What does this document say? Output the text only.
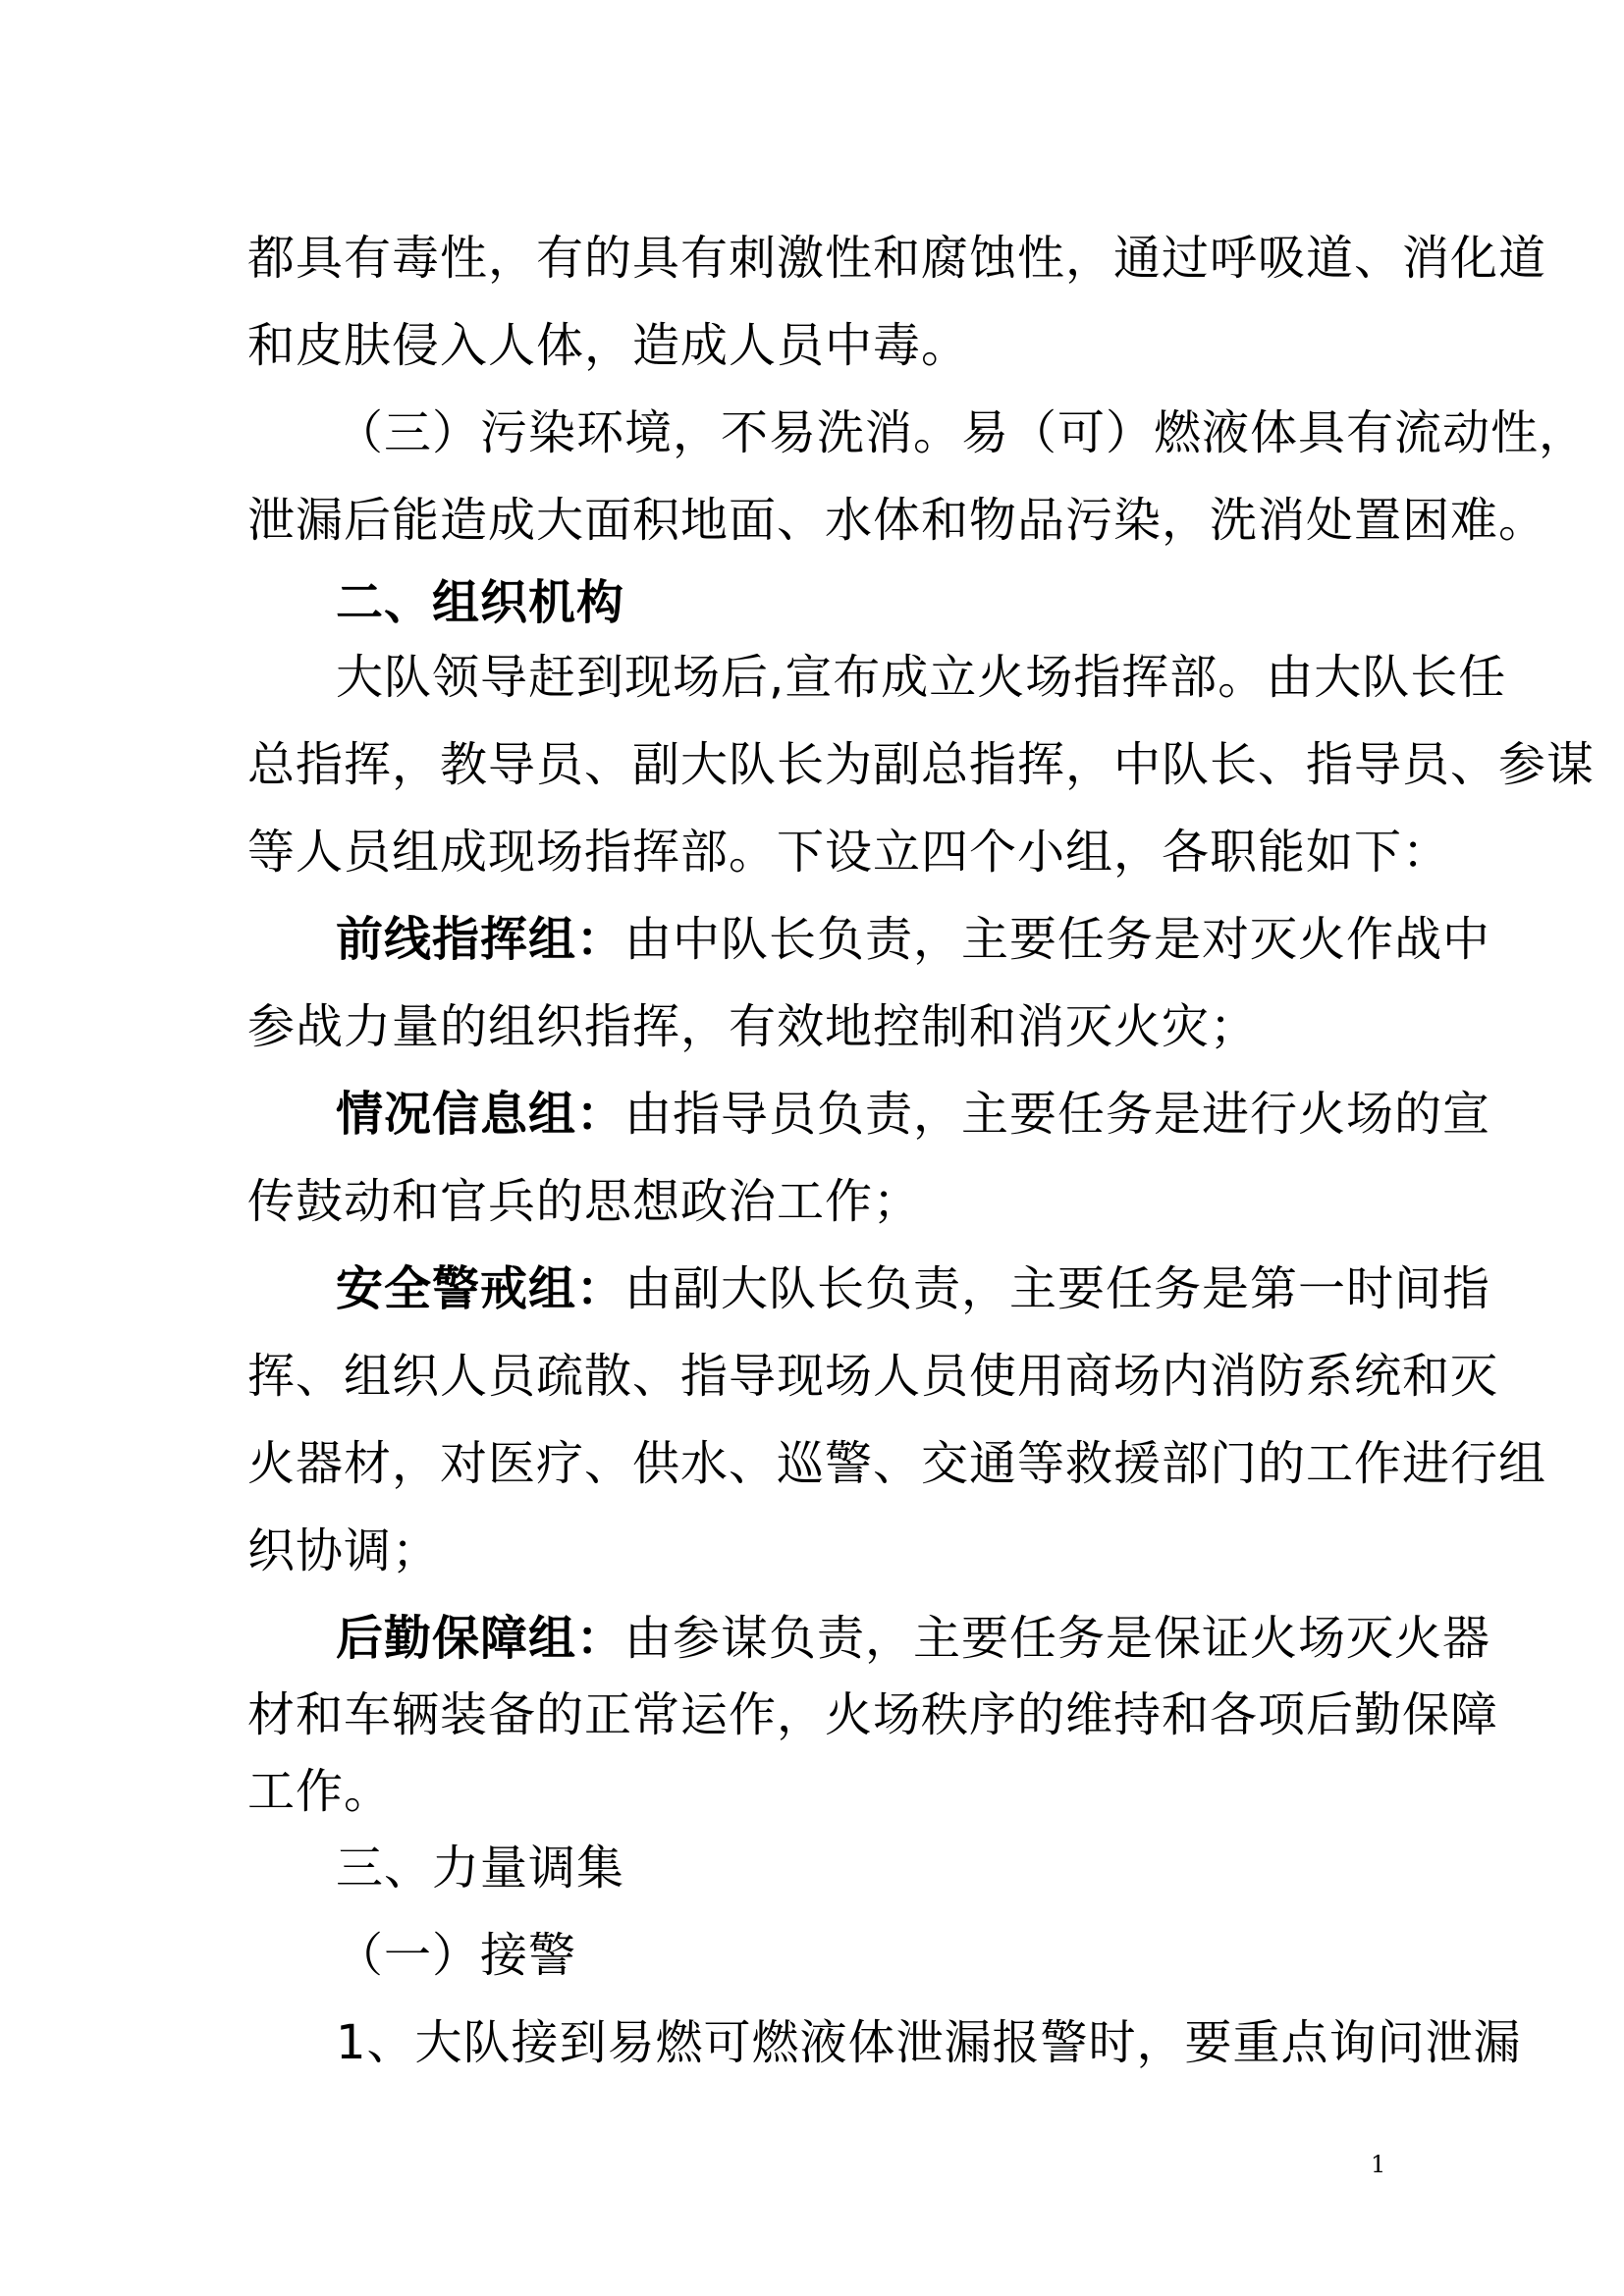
都具有毒性，有的具有刺激性和腐蚀性，通过呼吸道、消化道
和皮肤侵入人体，造成人员中毒。
（三）污染环境，不易洗消。易（可）燃液体具有流动性，
泄漏后能造成大面积地面、水体和物品污染，洗消处置困难。
二、组织机构
大队领导赶到现场后,宣布成立火场指挥部。由大队长任
总指挥，教导员、副大队长为副总指挥，中队长、指导员、参谋
等人员组成现场指挥部。下设立四个小组，各职能如下：
前线指挥组：由中队长负责，主要任务是对灭火作战中
参战力量的组织指挥，有效地控制和消灭火灾；
情况信息组：由指导员负责，主要任务是进行火场的宣
传鼓动和官兵的思想政治工作；
安全警戒组：由副大队长负责，主要任务是第一时间指
挥、组织人员疏散、指导现场人员使用商场内消防系统和灭
火器材，对医疗、供水、巡警、交通等救援部门的工作进行组
织协调；
后勤保障组：由参谋负责，主要任务是保证火场灭火器
材和车辆装备的正常运作，火场秩序的维持和各项后勤保障
工作。
三、力量调集
（一）接警
1、大队接到易燃可燃液体泄漏报警时，要重点询问泄漏
1
